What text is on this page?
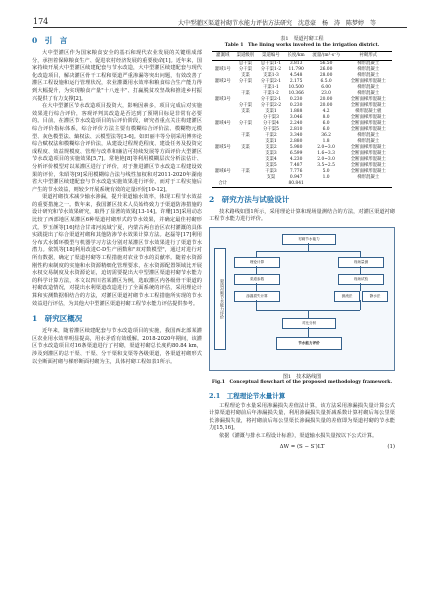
174	大中型灌区渠道衬砌节水能力评估方法研究　沈意豪　杨　涛　陈梦婷　等
0　引　言

大中型灌区作为国家粮食安全的基石和现代农业发展的关键组成部分，承担着保障粮食生产、促进农村经济发展的重要使命[1]。近年来，国家持续开展大中型灌区续建配套与节水改造，大中型灌区续建配套与现代化改造项目，解决灌区骨干工程和渠道严重渗漏等突出问题，有效改善了灌区工程设施和运行管理状况，农业灌溉用水效率和粮食综合生产能力得到大幅提升，为实现粮食产量"十八连丰"、打赢脱贫攻坚战和推进乡村振兴提供了有力支撑[2]。

在大中型灌区节水改造项目投资大，影响因素多，项目完成后对实施效果进行综合评价，客观评判其改造是否达到了预期目标是非常有必要的。目前，在灌区节水改造项目的后评价阶段，研究者重点关注构建灌区综合评价指标体系，综合评价方法主要有模糊综合评价法、模糊物元模型、灰色模型法、熵权法、云模型法等[3-6]。如田丽丰等分别采用博弈论综合赋权法和模糊综合评价法，从建设过程规范程度、建设任务及投资完成程度、效益规模度、管理与改革和廉洁可持续发展等方面评价大型灌区节水改造项目的实施效果[5,7]。常艳艳[8]等利用模糊层次分析法估计、分析评价模型对以某灌区进行了评价，对于推进灌区节水改造工程建设效果的评价，朱昭等[9]采用模糊综合法与线性加权和对2011-2020年湖南省大中型灌区续建配套与节水改造实施效果进行评价，而对于工程实施后产生的节水效益，则较少开展系统有效的定量评价[10-12]。

渠道衬砌技术减少输水渗漏，提升渠道输水效率，体现工程节水效益的重要措施之一。数年来，我国灌区技术人员始终致力于渠道防渗措施的设计研究和节水效果研究，取得了显著的效果[13-14]。许珊[15]采用动态比较了西部地区某灌区6种渠道衬砌形式的节水效果，并确定最佳衬砌形式。罗玉颜等[16]结合甘肃河流域宁夏，内蒙古两自治区农村灌溉的具体实践提出了综合渠道衬砌和其他防渗节水效果计算方法。赵磊等[17]利用分布式水循环模型与机器学习方法分别对某灌区节水效果进行了渠道节水潜力。依凯等[18]利用改进C-D生产函数和"双对数模型"，通过对进行对所有数据，确定了渠道衬砌等工程措施对农业节水的贡献率。随着水资源刚性约束制度的实施和水资源精细化管理要求，在水资源配置领域比开展水权交易制度及水资源论证，迫切需要提出大中型灌区渠道衬砌节水能力的科学计算方法，本文以四川省某灌区为例，选取灌区内各级骨干渠道的衬砌改造情况，对提出水利渠道改造进行了全面系统的评估，采用理论计算和实测数据相结合的方法，对灌区渠道衬砌节水工程措施所实现的节水效益进行评估，为其他大中型灌区渠道衬砌工程节水能力评估提供参考。

1　研究区概况

近年来，随着灌区续建配套与节水改造项目的实施，我国西北部某灌区农业用水效率明显提高，用水矛盾有效缓解。2018-2020年期间，该灌区节水改造项目对16条渠道进行了衬砌，渠道衬砌总长度约80.84 km，涉及到灌区的总干渠、干渠、分干渠和支渠等各级渠道，各渠道衬砌形式以全断面衬砌与梯形断面衬砌为主，具体衬砌工程如表1所示。

表1　渠道衬砌工程
Table 1　The lining works involved in the irrigation district.
灌溉域	渠道级别	渠道编号	长度/km	流量/(m³·s⁻¹)	衬砌形式
	总干渠	总干渠1-1	3.813	56.50	梯形混凝土
灌域1号	分干渠	分干渠1-2	11.790	26.00	梯形混凝土
	支渠	支渠1-3	4.548	28.00	梯形混凝土
灌域2号	分干渠	分干渠2-1	2.175	6.5.0	全断面梯形混凝土
		干渠1-1	10.500	6.00	梯形混凝土
	干渠	干渠1-2	10.366	23.0	梯形混凝土
灌域3号		分干渠2-1	0.230	20.00	全断面梯形混凝土
	分干渠	分干渠2-2	0.230	20.00	全断面梯形混凝土
	支渠	支渠1	1.888	4.2	梯形混凝土板
		分干渠3	3.046	8.0	全断面梯形混凝土
灌域4号	分干渠	分干渠4	2.240	6.0	全断面梯形混凝土
		分干渠5	2.810	6.0	全断面梯形混凝土
	干渠	干渠2	3.340	36.2	梯形混凝土
		支渠1	2.880	1.8	梯形混凝土
灌域5号	支渠	支渠2	5.980	2.0~3.0	全断面梯形混凝土
		支渠3	6.599	1.6~3.3	全断面梯形混凝土
		支渠4	4.230	2.0~3.0	全断面梯形混凝土
		支渠5	7.487	3.5~2.5	全断面梯形混凝土
灌域6号	干渠	干渠3	7.776	5.0	全断面梯形混凝土
		支渠	0.947	1.0	梯形混凝土
合计			80.841		
2　研究方法与试验设计

技术路线如图1所示，采用理论计算和现场量测结合的方法，对灌区渠道衬砌工程节水能力进行评价。

渠道衬砌节水能力评价
衬砌节水能力
理论计算	现场量测
渠道参数	现场试验
渗漏损失计算	测流法	静水法
对比分析
节水能力评价
图1　技术路线图
Fig.1　Conceptual flowchart of the proposed methodology framework.
2.1　工程理论节水量计算

工程理论节水量采用渗漏损失差值法计算，该方法采用渗漏损失量计算公式计算渠道衬砌前后年渗漏损失量，利用渗漏损失量折减系数计算衬砌后每公里渠长渗漏损失量，将衬砌前后每公里渠长渗漏损失量的差值即为渠道衬砌的节水能力[15,16]。

依据《灌溉与排水工程设计标准》，渠道输水损失量按以下公式计算。

ΔW = (S − S′)LT	(1)
